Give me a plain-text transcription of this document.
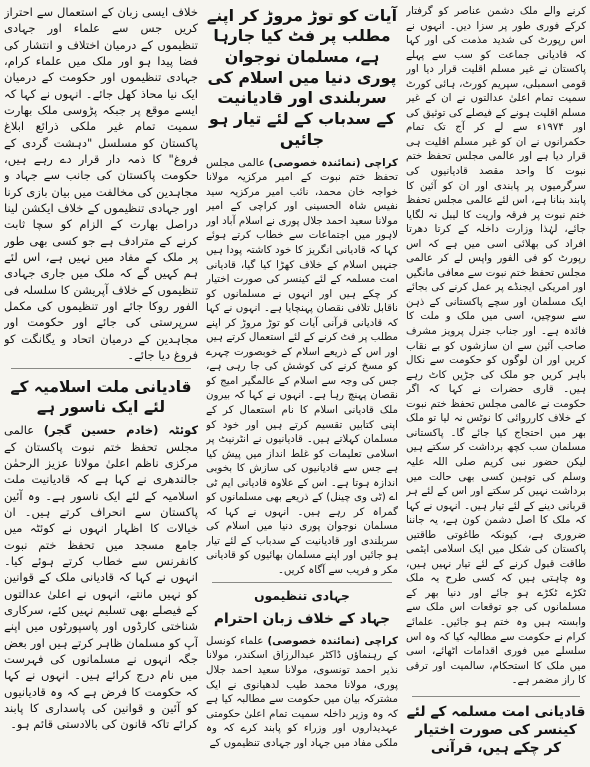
کرنے والے ملک دشمن عناصر کو گرفتار کرکے فوری طور پر سزا دیں۔ انہوں نے اس رپورٹ کی شدید مذمت کی اور کہا کہ قادیانی جماعت کو سب سے پہلے پاکستان نے غیر مسلم اقلیت قرار دیا اور قومی اسمبلی، سپریم کورٹ، ہائی کورٹ سمیت تمام اعلیٰ عدالتوں نے ان کے غیر مسلم اقلیت ہونے کے فیصلے کی توثیق کی اور ۱۹۷۴ء سے لے کر آج تک تمام حکمرانوں نے ان کو غیر مسلم اقلیت ہی قرار دیا ہے اور عالمی مجلس تحفظ ختم نبوت کا واحد مقصد قادیانیوں کی سرگرمیوں پر پابندی اور ان کو آئین کا پابند بنانا ہے، اس لئے عالمی مجلس تحفظ ختم نبوت پر فرقہ واریت کا لیبل نہ لگایا جائے، لہٰذا وزارت داخلہ کے کرتا دھرتا افراد کی بھلائی اسی میں ہے کہ اس رپورٹ کو فی الفور واپس لے کر عالمی مجلس تحفظ ختم نبوت سے معافی مانگیں اور امریکی ایجنڈے پر عمل کرنے کی بجائے ایک مسلمان اور سچے پاکستانی کے ذہن سے سوچیں، اسی میں ملک و ملت کا فائدہ ہے۔ اور جناب جنرل پرویز مشرف صاحب آئین سے ان سازشوں کو بے نقاب کریں اور ان لوگوں کو حکومت سے نکال باہر کریں جو ملک کی جڑیں کاٹ رہے ہیں۔ قاری حضرات نے کہا کہ اگر حکومت نے عالمی مجلس تحفظ ختم نبوت کے خلاف کارروائی کا نوٹس نہ لیا تو ملک بھر میں احتجاج کیا جائے گا۔ پاکستانی مسلمان سب کچھ برداشت کر سکتے ہیں لیکن حضور نبی کریم صلی اللہ علیہ وسلم کی توہین کسی بھی حالت میں برداشت نہیں کر سکتے اور اس کے لئے ہر قربانی دینے کے لئے تیار ہیں۔ انہوں نے کہا کہ ملک کا اصل دشمن کون ہے، یہ جاننا ضروری ہے، کیونکہ طاغوتی طاقتیں پاکستان کی شکل میں ایک اسلامی ایٹمی طاقت قبول کرنے کے لئے تیار نہیں ہیں، وہ چاہتی ہیں کہ کسی طرح یہ ملک ٹکڑے ٹکڑے ہو جائے اور دنیا بھر کے مسلمانوں کی جو توقعات اس ملک سے وابستہ ہیں وہ ختم ہو جائیں۔ علمائے کرام نے حکومت سے مطالبہ کیا کہ وہ اس سلسلے میں فوری اقدامات اٹھائے، اسی میں ملک کا استحکام، سالمیت اور ترقی کا راز مضمر ہے۔

قادیانی امت مسلمہ کے لئے کینسر کی صورت اختیار کر چکے ہیں، قرآنی
آیات کو توڑ مروڑ کر اپنے مطلب پر فٹ کیا جارہا ہے، مسلمان نوجوان پوری دنیا میں اسلام کی سربلندی اور قادیانیت کے سدباب کے لئے تیار ہو جائیں

کراچی (نمائندہ خصوصی) عالمی مجلس تحفظ ختم نبوت کے امیر مرکزیہ مولانا خواجہ خان محمد، نائب امیر مرکزیہ سید نفیس شاہ الحسینی اور کراچی کے امیر مولانا سعید احمد جلال پوری نے اسلام آباد اور لاہور میں اجتماعات سے خطاب کرتے ہوئے کہا کہ قادیانی انگریز کا خود کاشتہ پودا ہیں جنہیں اسلام کے خلاف کھڑا کیا گیا، قادیانی امت مسلمہ کے لئے کینسر کی صورت اختیار کر چکے ہیں اور انہوں نے مسلمانوں کو ناقابل تلافی نقصان پہنچایا ہے۔ انہوں نے کہا کہ قادیانی قرآنی آیات کو توڑ مروڑ کر اپنے مطلب پر فٹ کرنے کے لئے استعمال کرتے ہیں اور اس کے ذریعے اسلام کے خوبصورت چہرے کو مسخ کرنے کی کوشش کی جا رہی ہے، جس کی وجہ سے اسلام کے عالمگیر امیج کو نقصان پہنچ رہا ہے۔ انہوں نے کہا کہ بیرون ملک قادیانی اسلام کا نام استعمال کر کے اپنی کتابیں تقسیم کرتے ہیں اور خود کو مسلمان کہلاتے ہیں۔ قادیانیوں نے انٹرنیٹ پر اسلامی تعلیمات کو غلط انداز میں پیش کیا ہے جس سے قادیانیوں کی سازش کا بخوبی اندازہ ہوتا ہے۔ اس کے علاوہ قادیانی ایم ٹی اے (ٹی وی چینل) کے ذریعے بھی مسلمانوں کو گمراہ کر رہے ہیں۔ انہوں نے کہا کہ مسلمان نوجوان پوری دنیا میں اسلام کی سربلندی اور قادیانیت کے سدباب کے لئے تیار ہو جائیں اور اپنے مسلمان بھائیوں کو قادیانی مکر و فریب سے آگاہ کریں۔

جہادی تنظیموں
جہاد کے خلاف زبان احترام

کراچی (نمائندہ خصوصی) علماء کونسل کے رہنماؤں ڈاکٹر عبدالرزاق اسکندر، مولانا نذیر احمد تونسوی، مولانا سعید احمد جلال پوری، مولانا محمد طیب لدھیانوی نے ایک مشترکہ بیان میں حکومت سے مطالبہ کیا ہے کہ وہ وزیر داخلہ سمیت تمام اعلیٰ حکومتی عہدیداروں اور وزراء کو پابند کرے کہ وہ ملکی مفاد میں جہاد اور جہادی تنظیموں کے

خلاف ایسی زبان کے استعمال سے احتراز کریں جس سے علماء اور جہادی تنظیموں کے درمیان اختلاف و انتشار کی فضا پیدا ہو اور ملک میں علماء کرام، جہادی تنظیموں اور حکومت کے درمیان ایک نیا محاذ کھل جائے۔ انہوں نے کہا کہ ایسے موقع پر جبکہ پڑوسی ملک بھارت سمیت تمام غیر ملکی ذرائع ابلاغ پاکستان کو مسلسل "دہشت گردی کے فروغ" کا ذمہ دار قرار دے رہے ہیں، حکومت پاکستان کی جانب سے جہاد و مجاہدین کی مخالفت میں بیان بازی کرنا اور جہادی تنظیموں کے خلاف ایکشن لینا دراصل بھارت کے الزام کو سچا ثابت کرنے کے مترادف ہے جو کسی بھی طور پر ملک کے مفاد میں نہیں ہے، اس لئے ہم کہیں گے کہ ملک میں جاری جہادی تنظیموں کے خلاف آپریشن کا سلسلہ فی الفور روکا جائے اور تنظیموں کی مکمل سرپرستی کی جائے اور حکومت اور مجاہدین کے درمیان اتحاد و یگانگت کو فروغ دیا جائے۔

قادیانی ملت اسلامیہ کے لئے ایک ناسور ہے

کوئٹہ (خادم حسین گجر) عالمی مجلس تحفظ ختم نبوت پاکستان کے مرکزی ناظم اعلیٰ مولانا عزیز الرحمٰن جالندھری نے کہا ہے کہ قادیانیت ملت اسلامیہ کے لئے ایک ناسور ہے۔ وہ آئین پاکستان سے انحراف کرتے ہیں۔ ان خیالات کا اظہار انہوں نے کوئٹہ میں جامع مسجد میں تحفظ ختم نبوت کانفرنس سے خطاب کرتے ہوئے کیا۔ انہوں نے کہا کہ قادیانی ملک کے قوانین کو نہیں مانتے، انہوں نے اعلیٰ عدالتوں کے فیصلے بھی تسلیم نہیں کئے، سرکاری شناختی کارڈوں اور پاسپورٹوں میں اپنے آپ کو مسلمان ظاہر کرتے ہیں اور بعض جگہ انہوں نے مسلمانوں کی فہرست میں نام درج کرائے ہیں۔ انہوں نے کہا کہ حکومت کا فرض ہے کہ وہ قادیانیوں کو آئین و قوانین کی پاسداری کا پابند کرائے تاکہ قانون کی بالادستی قائم ہو۔
